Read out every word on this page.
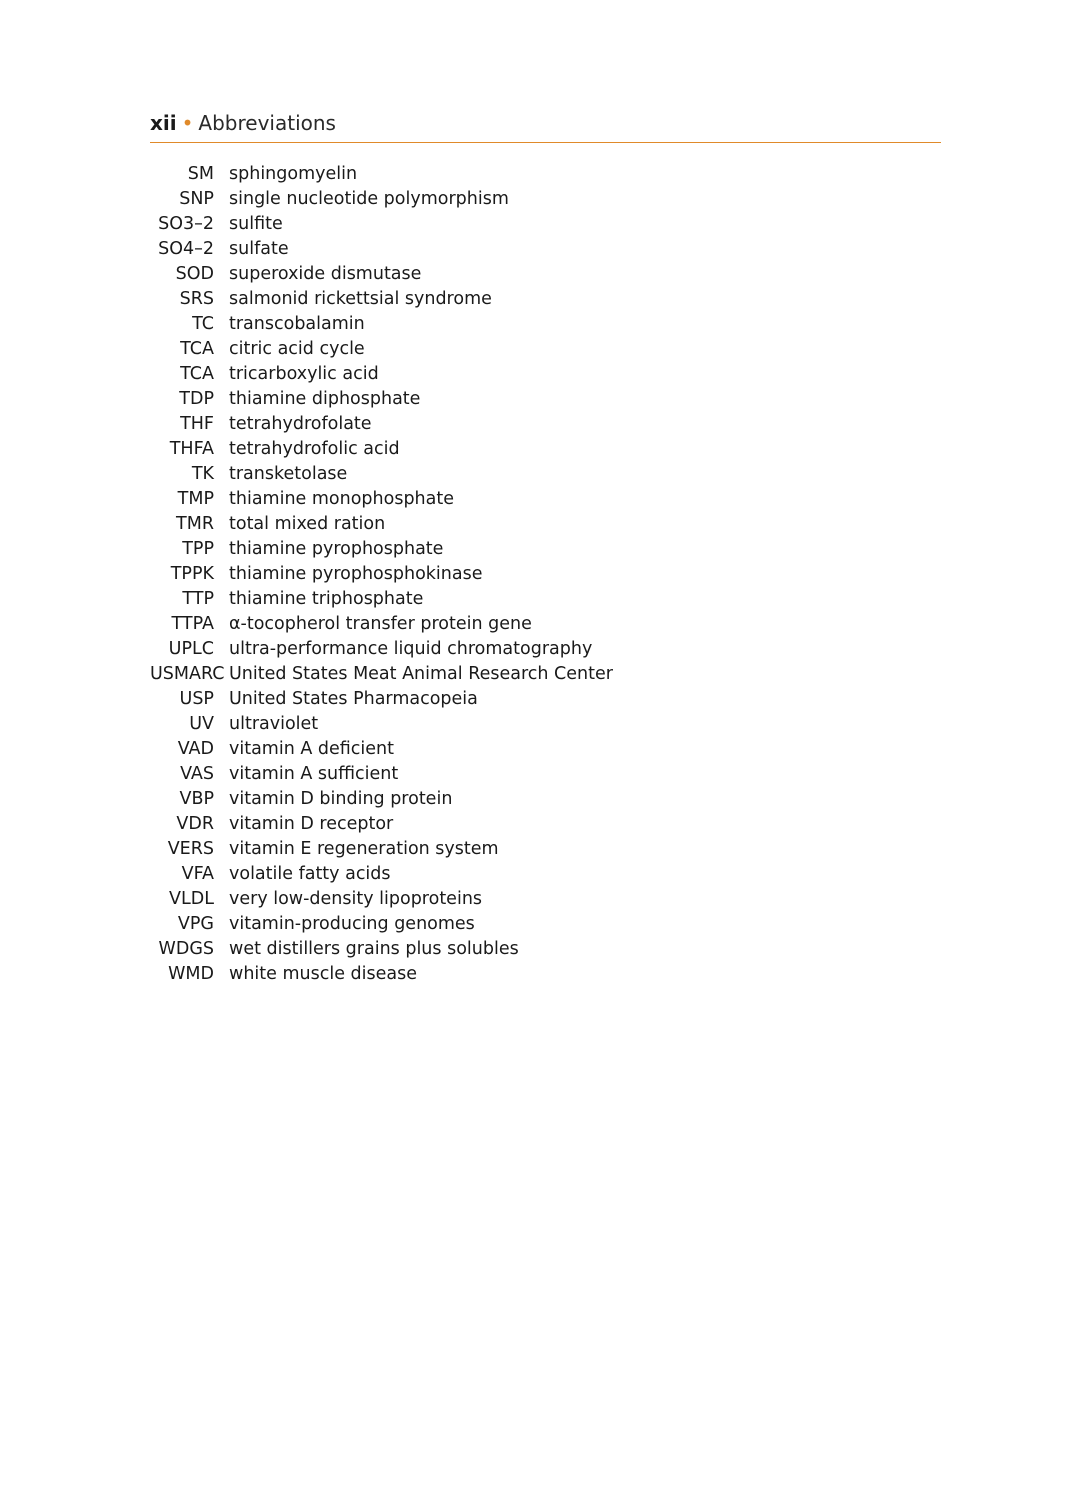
xii • Abbreviations
SM sphingomyelin
SNP single nucleotide polymorphism
SO3–2 sulfite
SO4–2 sulfate
SOD superoxide dismutase
SRS salmonid rickettsial syndrome
TC transcobalamin
TCA citric acid cycle
TCA tricarboxylic acid
TDP thiamine diphosphate
THF tetrahydrofolate
THFA tetrahydrofolic acid
TK transketolase
TMP thiamine monophosphate
TMR total mixed ration
TPP thiamine pyrophosphate
TPPK thiamine pyrophosphokinase
TTP thiamine triphosphate
TTPA α-tocopherol transfer protein gene
UPLC ultra-performance liquid chromatography
USMARC United States Meat Animal Research Center
USP United States Pharmacopeia
UV ultraviolet
VAD vitamin A deficient
VAS vitamin A sufficient
VBP vitamin D binding protein
VDR vitamin D receptor
VERS vitamin E regeneration system
VFA volatile fatty acids
VLDL very low-density lipoproteins
VPG vitamin-producing genomes
WDGS wet distillers grains plus solubles
WMD white muscle disease
